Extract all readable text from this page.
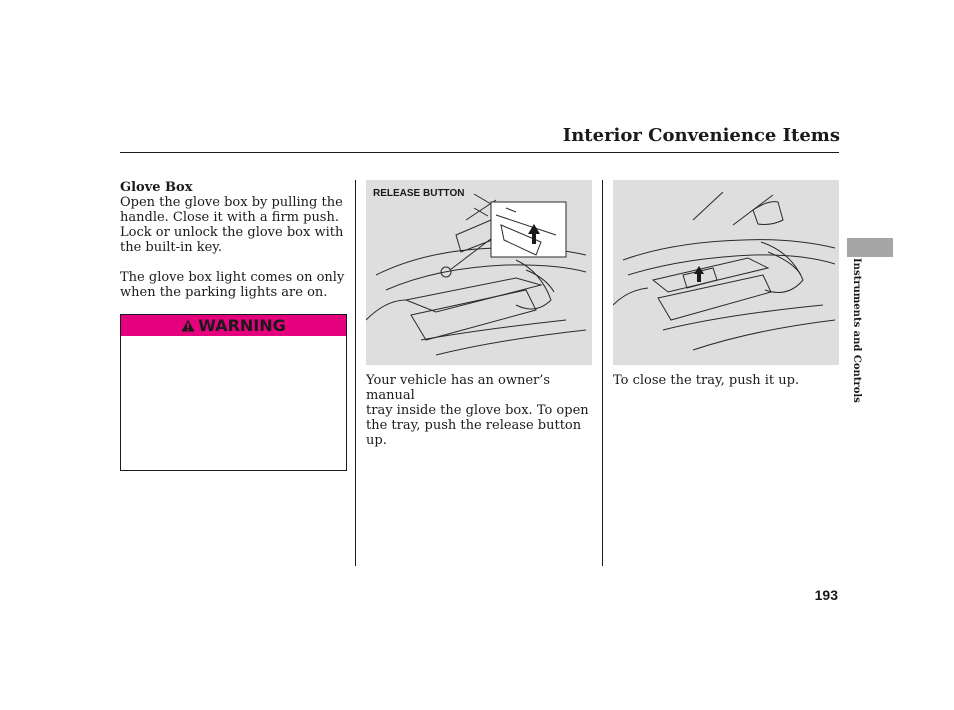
Interior Convenience Items
Glove Box
Open the glove box by pulling the
handle. Close it with a firm push.
Lock or unlock the glove box with
the built-in key.
The glove box light comes on only
when the parking lights are on.
WARNING
RELEASE BUTTON
Your vehicle has an owner’s manual
tray inside the glove box. To open
the tray, push the release button up.
To close the tray, push it up.	Instruments and Controls
193
